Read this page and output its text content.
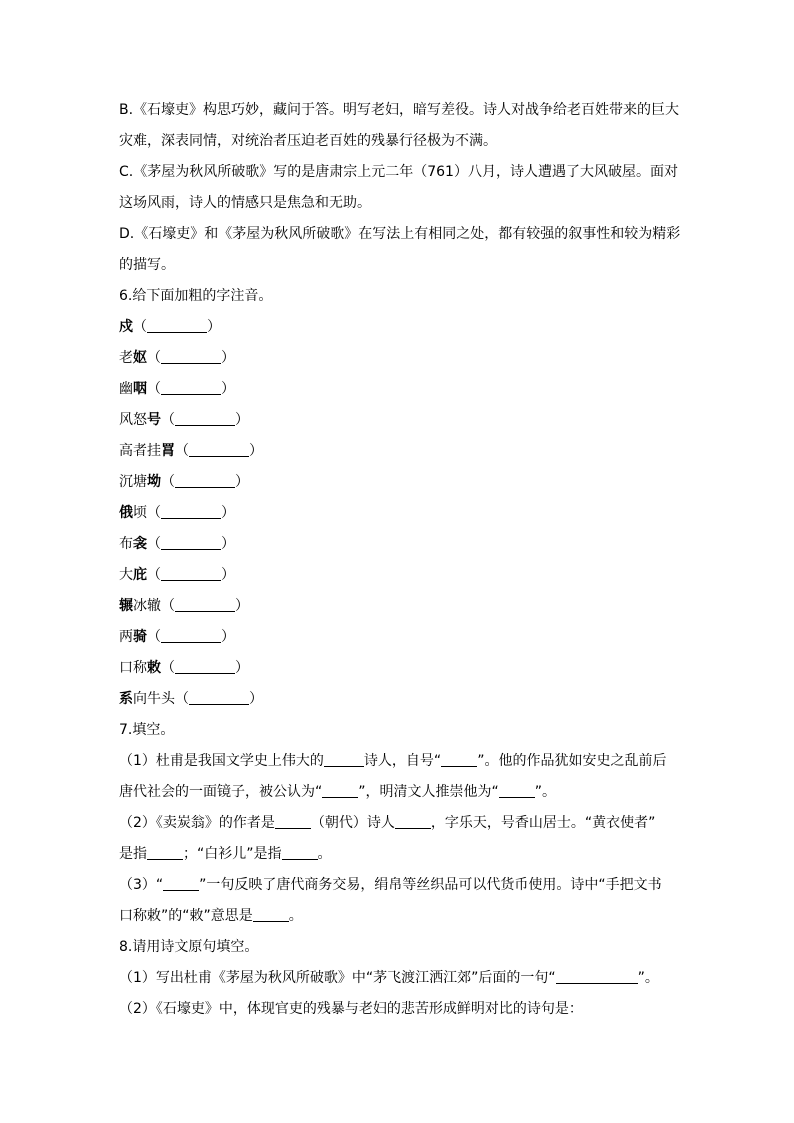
B.《石壕吏》构思巧妙，藏问于答。明写老妇，暗写差役。诗人对战争给老百姓带来的巨大
灾难，深表同情，对统治者压迫老百姓的残暴行径极为不满。
C.《茅屋为秋风所破歌》写的是唐肃宗上元二年（761）八月，诗人遭遇了大风破屋。面对
这场风雨，诗人的情感只是焦急和无助。
D.《石壕吏》和《茅屋为秋风所破歌》在写法上有相同之处，都有较强的叙事性和较为精彩
的描写。
6.给下面加粗的字注音。
戍（	）
老妪（	）
幽咽（	）
风怒号（	）
高者挂罥（	）
沉塘坳（	）
俄顷（	）
布衾（	）
大庇（	）
辗冰辙（	）
两骑（	）
口称敕（	）
系向牛头（	）
7.填空。
（1）杜甫是我国文学史上伟大的	诗人，自号“	”。他的作品犹如安史之乱前后
唐代社会的一面镜子，被公认为“	”，明清文人推崇他为“	”。
（2）《卖炭翁》的作者是	（朝代）诗人	，字乐天，号香山居士。“黄衣使者”
是指	；“白衫儿”是指	。
（3）“	”一句反映了唐代商务交易，绢帛等丝织品可以代货币使用。诗中“手把文书
口称敕”的“敕”意思是	。
8.请用诗文原句填空。
（1）写出杜甫《茅屋为秋风所破歌》中“茅飞渡江洒江郊”后面的一句“	”。
（2）《石壕吏》中，体现官吏的残暴与老妇的悲苦形成鲜明对比的诗句是：
